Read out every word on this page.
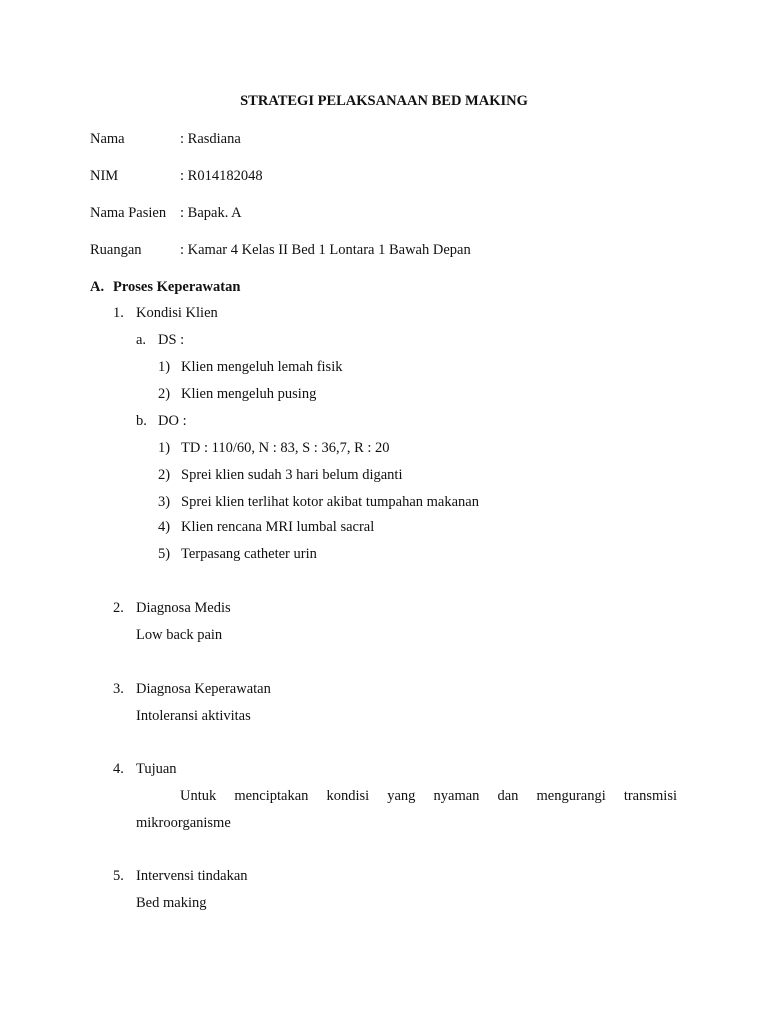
STRATEGI PELAKSANAAN BED MAKING
Nama	: Rasdiana
NIM	: R014182048
Nama Pasien : Bapak. A
Ruangan	: Kamar 4 Kelas II Bed 1 Lontara 1 Bawah Depan
A. Proses Keperawatan
1. Kondisi Klien
a. DS :
1) Klien mengeluh lemah fisik
2) Klien mengeluh pusing
b. DO :
1) TD : 110/60, N : 83, S : 36,7, R : 20
2) Sprei klien sudah 3 hari belum diganti
3) Sprei klien terlihat kotor akibat tumpahan makanan
4) Klien rencana MRI lumbal sacral
5) Terpasang catheter urin
2. Diagnosa Medis
Low back pain
3. Diagnosa Keperawatan
Intoleransi aktivitas
4. Tujuan
Untuk menciptakan kondisi yang nyaman dan mengurangi transmisi
mikroorganisme
5. Intervensi tindakan
Bed making
